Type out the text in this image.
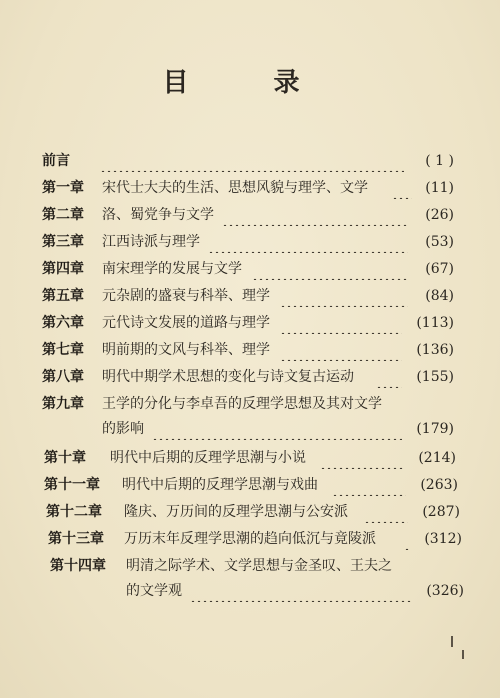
目 录
前言	( 1 )
第一章 宋代士大夫的生活、思想风貌与理学、文学	(11)
第二章 洛、蜀党争与文学	(26)
第三章 江西诗派与理学	(53)
第四章 南宋理学的发展与文学	(67)
第五章 元杂剧的盛衰与科举、理学	(84)
第六章 元代诗文发展的道路与理学	(113)
第七章 明前期的文风与科举、理学	(136)
第八章 明代中期学术思想的变化与诗文复古运动	(155)
第九章 王学的分化与李卓吾的反理学思想及其对文学
的影响	(179)
第十章 明代中后期的反理学思潮与小说	(214)
第十一章 明代中后期的反理学思潮与戏曲	(263)
第十二章 隆庆、万历间的反理学思潮与公安派	(287)
第十三章 万历末年反理学思潮的趋向低沉与竟陵派	(312)
第十四章 明清之际学术、文学思想与金圣叹、王夫之
的文学观	(326)
